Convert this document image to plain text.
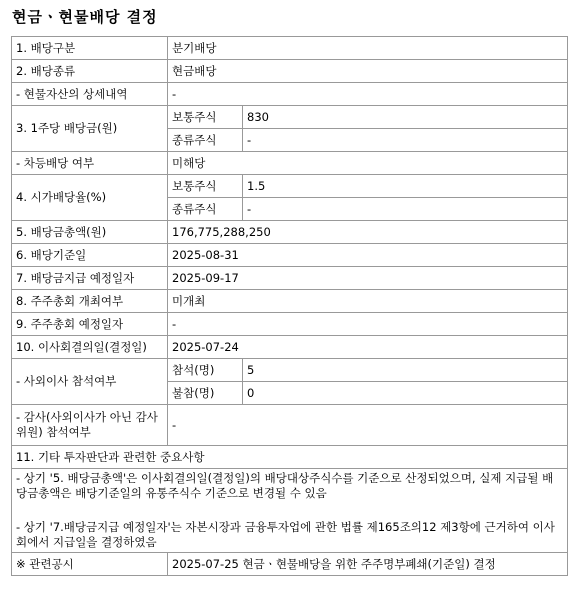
현금ㆍ현물배당 결정
1. 배당구분	분기배당	
2. 배당종류	현금배당	
- 현물자산의 상세내역	-	
3. 1주당 배당금(원)	보통주식	830
	종류주식	-
- 차등배당 여부	미해당	
4. 시가배당율(%)	보통주식	1.5
	종류주식	-
5. 배당금총액(원)	176,775,288,250	
6. 배당기준일	2025-08-31	
7. 배당금지급 예정일자	2025-09-17	
8. 주주총회 개최여부	미개최	
9. 주주총회 예정일자	-	
10. 이사회결의일(결정일)	2025-07-24	
- 사외이사 참석여부	참석(명)	5
	불참(명)	0
- 감사(사외이사가 아닌 감사위원) 참석여부	-	
11. 기타 투자판단과 관련한 중요사항		

- 상기 '5. 배당금총액'은 이사회결의일(결정일)의 배당대상주식수를 기준으로 산정되었으며, 실제 지급될 배당금총액은 배당기준일의 유통주식수 기준으로 변경될 수 있음
- 상기 '7.배당금지급 예정일자'는 자본시장과 금융투자업에 관한 법률 제165조의12 제3항에 근거하여 이사회에서 지급일을 결정하였음		

※ 관련공시	2025-07-25 현금ㆍ현물배당을 위한 주주명부폐쇄(기준일) 결정	
